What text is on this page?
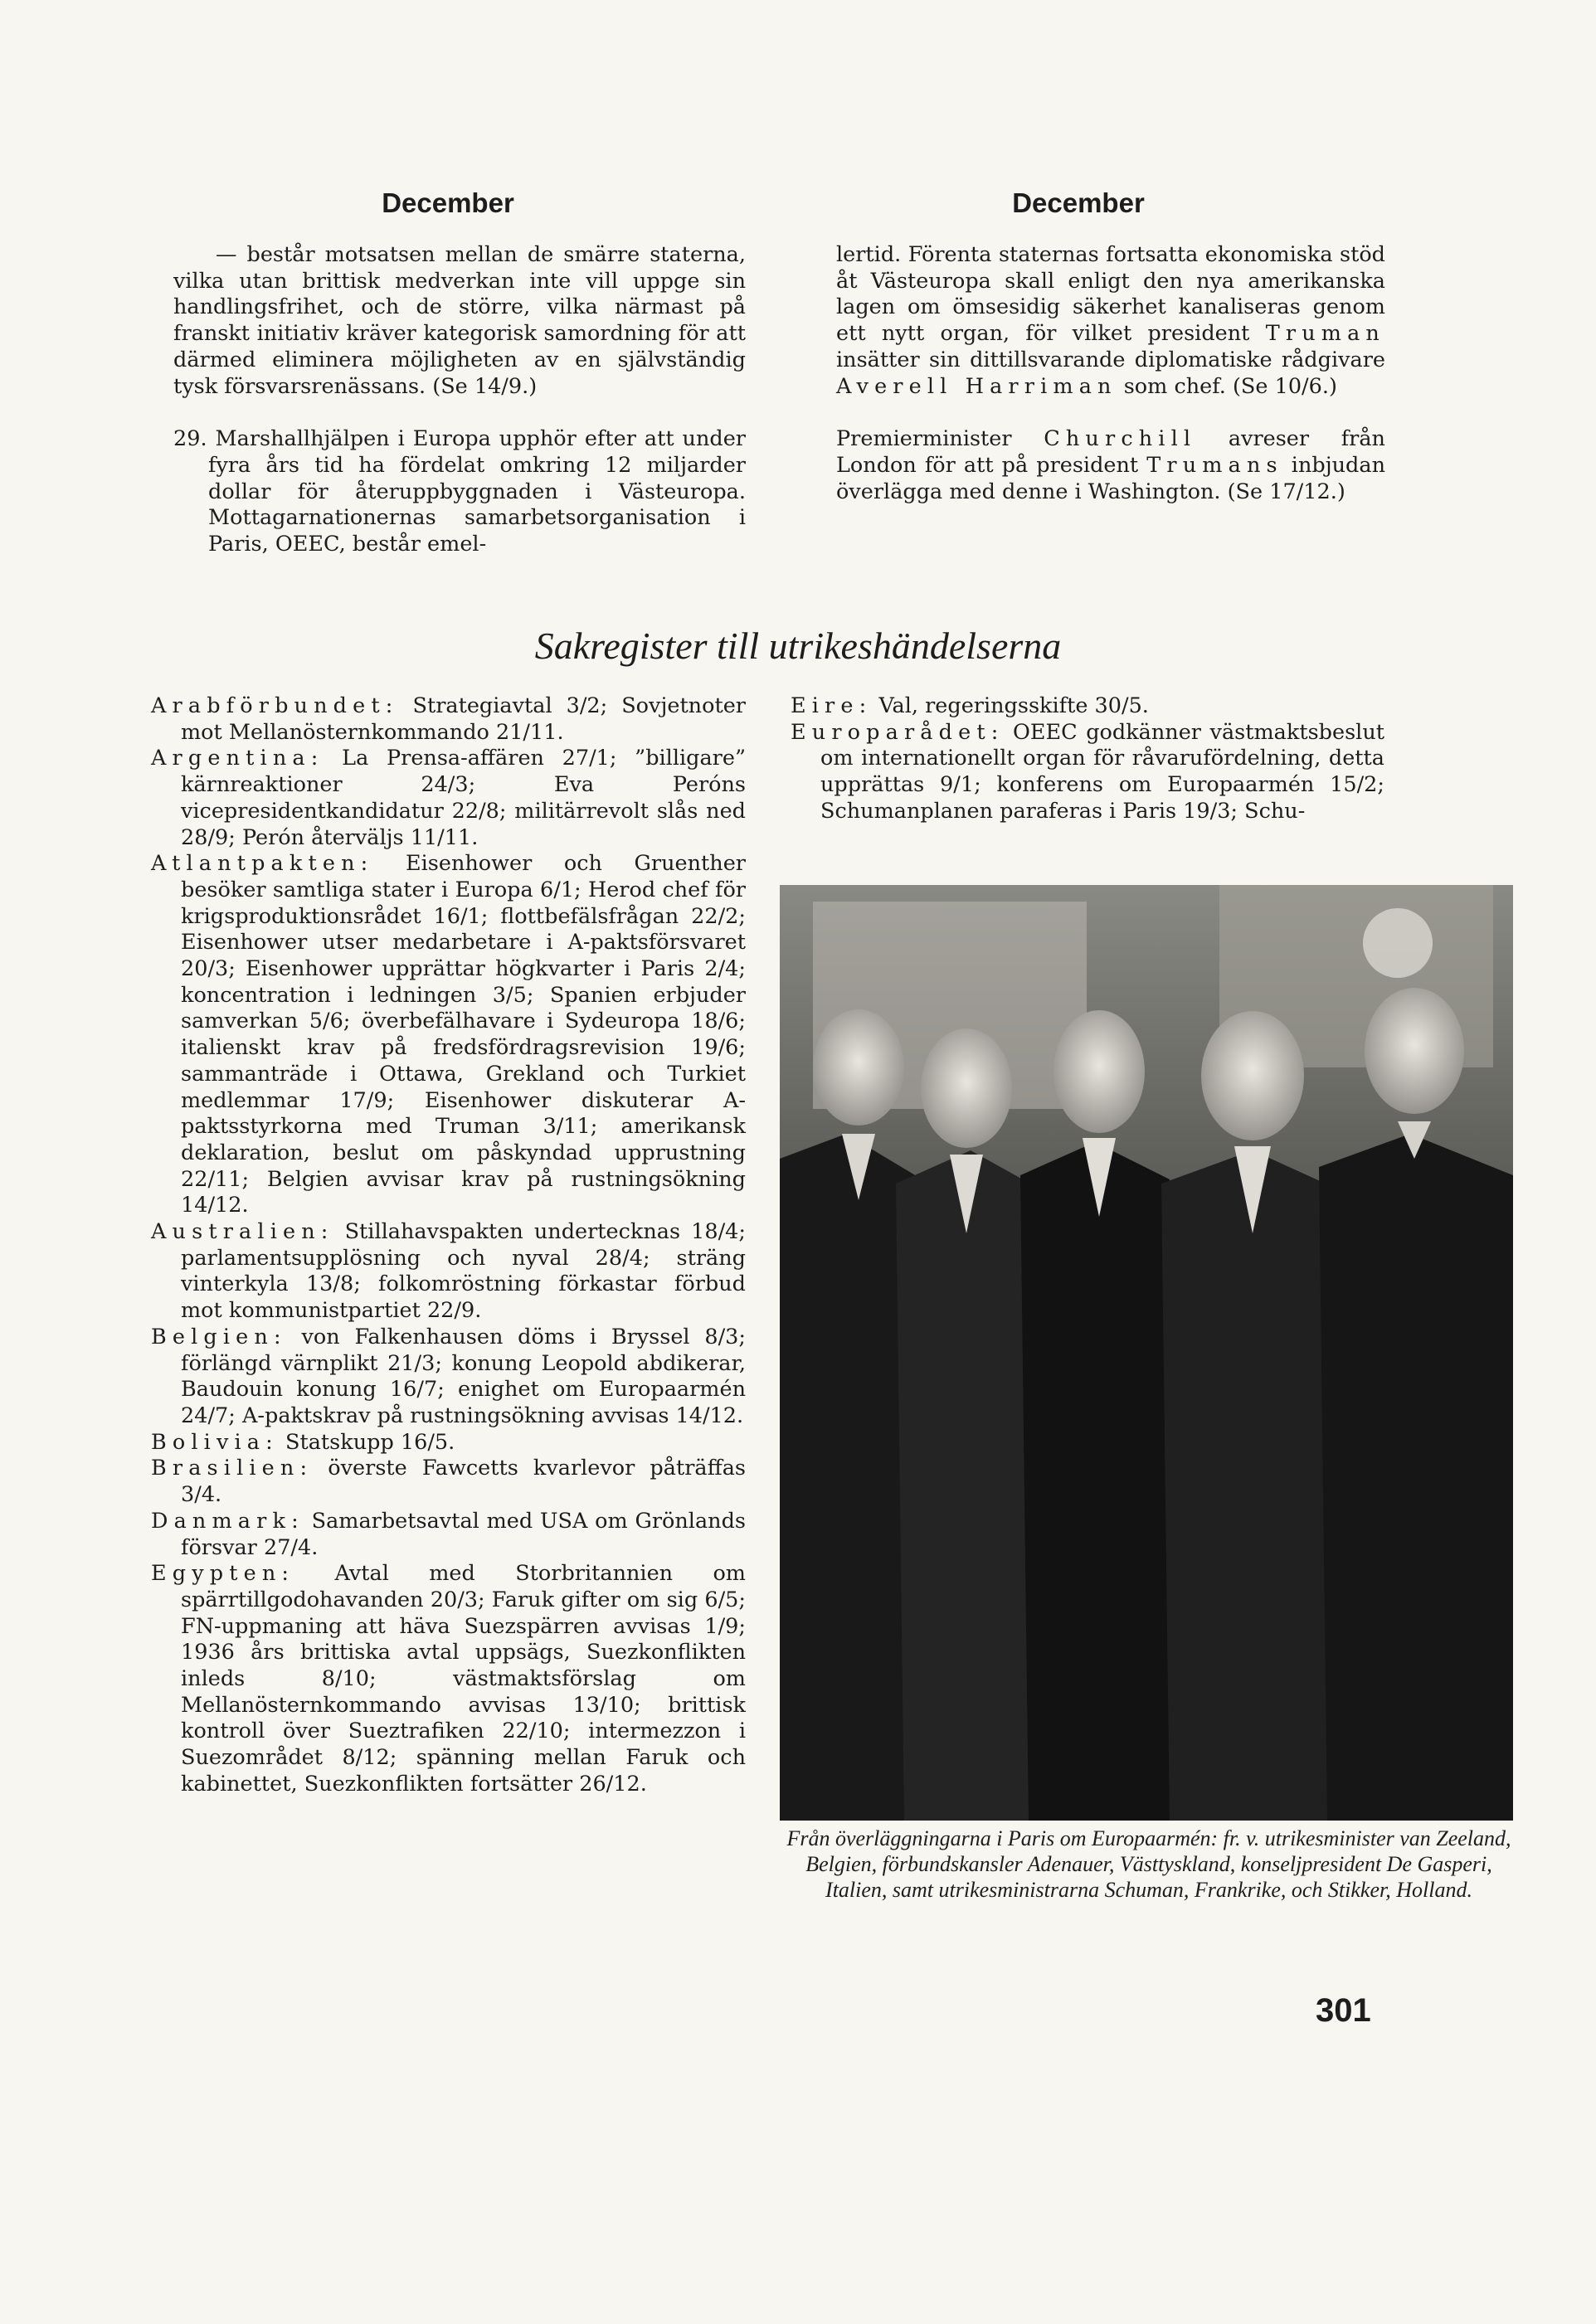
December	December

— består motsatsen mellan de smärre staterna, vilka utan brittisk medverkan inte vill uppge sin handlingsfrihet, och de större, vilka närmast på franskt initiativ kräver kategorisk samordning för att därmed eliminera möjligheten av en självständig tysk försvarsrenässans. (Se 14/9.)

29. Marshallhjälpen i Europa upphör efter att under fyra års tid ha fördelat omkring 12 miljarder dollar för återuppbyggnaden i Västeuropa. Mottagarnationernas samarbetsorganisation i Paris, OEEC, består emel-

lertid. Förenta staternas fortsatta ekonomiska stöd åt Västeuropa skall enligt den nya amerikanska lagen om ömsesidig säkerhet kanaliseras genom ett nytt organ, för vilket president Truman insätter sin dittillsvarande diplomatiske rådgivare Averell Harriman som chef. (Se 10/6.)

Premierminister Churchill avreser från London för att på president Trumans inbjudan överlägga med denne i Washington. (Se 17/12.)

Sakregister till utrikeshändelserna

Arabförbundet: Strategiavtal 3/2; Sovjetnoter mot Mellanösternkommando 21/11.

Argentina: La Prensa-affären 27/1; ”billigare” kärnreaktioner 24/3; Eva Peróns vicepresidentkandidatur 22/8; militärrevolt slås ned 28/9; Perón återväljs 11/11.

Atlantpakten: Eisenhower och Gruenther besöker samtliga stater i Europa 6/1; Herod chef för krigsproduktionsrådet 16/1; flottbefälsfrågan 22/2; Eisenhower utser medarbetare i A-paktsförsvaret 20/3; Eisenhower upprättar högkvarter i Paris 2/4; koncentration i ledningen 3/5; Spanien erbjuder samverkan 5/6; överbefälhavare i Sydeuropa 18/6; italienskt krav på fredsfördragsrevision 19/6; sammanträde i Ottawa, Grekland och Turkiet medlemmar 17/9; Eisenhower diskuterar A-paktsstyrkorna med Truman 3/11; amerikansk deklaration, beslut om påskyndad upprustning 22/11; Belgien avvisar krav på rustningsökning 14/12.

Australien: Stillahavspakten undertecknas 18/4; parlamentsupplösning och nyval 28/4; sträng vinterkyla 13/8; folkomröstning förkastar förbud mot kommunistpartiet 22/9.

Belgien: von Falkenhausen döms i Bryssel 8/3; förlängd värnplikt 21/3; konung Leopold abdikerar, Baudouin konung 16/7; enighet om Europaarmén 24/7; A-paktskrav på rustningsökning avvisas 14/12.

Bolivia: Statskupp 16/5.

Brasilien: överste Fawcetts kvarlevor påträffas 3/4.

Danmark: Samarbetsavtal med USA om Grönlands försvar 27/4.

Egypten: Avtal med Storbritannien om spärrtillgodohavanden 20/3; Faruk gifter om sig 6/5; FN-uppmaning att häva Suezspärren avvisas 1/9; 1936 års brittiska avtal uppsägs, Suezkonflikten inleds 8/10; västmaktsförslag om Mellanösternkommando avvisas 13/10; brittisk kontroll över Sueztrafiken 22/10; intermezzon i Suezområdet 8/12; spänning mellan Faruk och kabinettet, Suezkonflikten fortsätter 26/12.

Eire: Val, regeringsskifte 30/5.

Europarådet: OEEC godkänner västmaktsbeslut om internationellt organ för råvarufördelning, detta upprättas 9/1; konferens om Europaarmén 15/2; Schumanplanen paraferas i Paris 19/3; Schu-

Från överläggningarna i Paris om Europaarmén: fr. v. utrikesminister van Zeeland, Belgien, förbundskansler Adenauer, Västtyskland, konseljpresident De Gasperi, Italien, samt utrikesministrarna Schuman, Frankrike, och Stikker, Holland.
301
